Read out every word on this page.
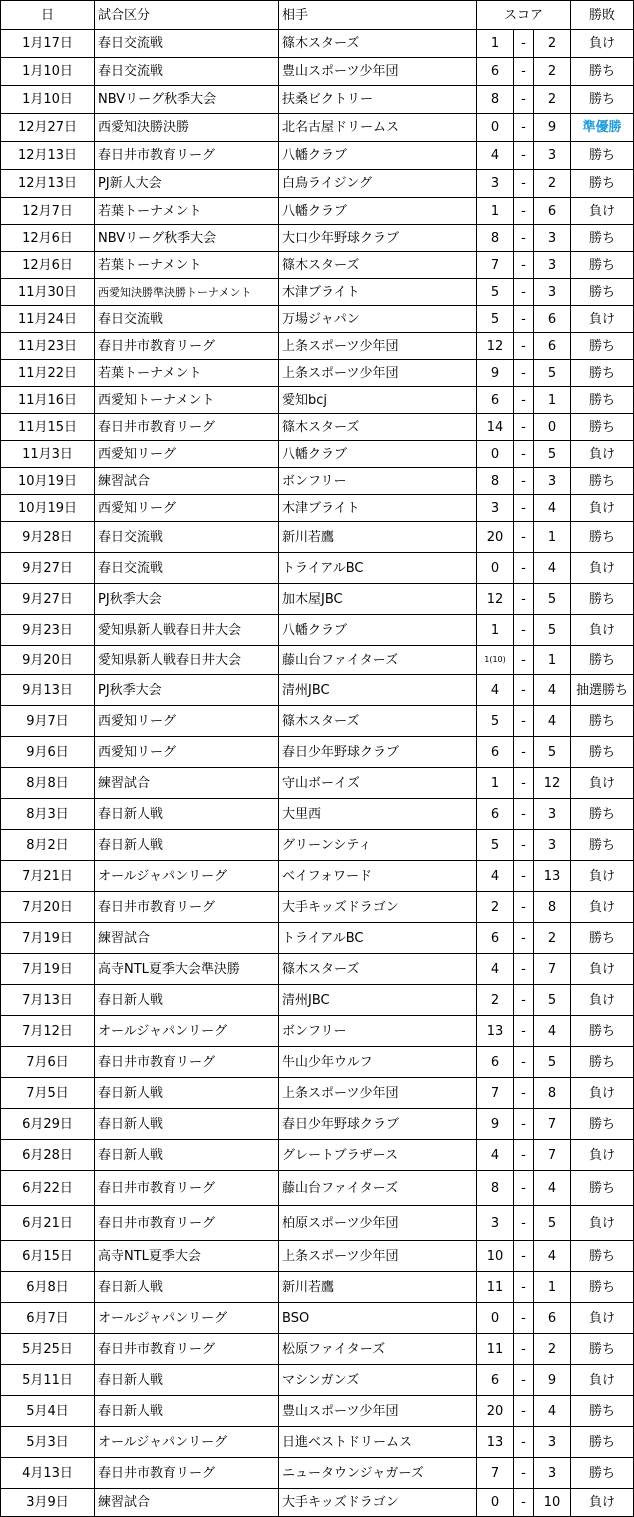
日	試合区分	相手	スコア			勝敗
1月17日	春日交流戦	篠木スターズ	1	-	2	負け
1月10日	春日交流戦	豊山スポーツ少年団	6	-	2	勝ち
1月10日	NBVリーグ秋季大会	扶桑ビクトリー	8	-	2	勝ち
12月27日	西愛知決勝決勝	北名古屋ドリームス	0	-	9	準優勝
12月13日	春日井市教育リーグ	八幡クラブ	4	-	3	勝ち
12月13日	PJ新人大会	白鳥ライジング	3	-	2	勝ち
12月7日	若葉トーナメント	八幡クラブ	1	-	6	負け
12月6日	NBVリーグ秋季大会	大口少年野球クラブ	8	-	3	勝ち
12月6日	若葉トーナメント	篠木スターズ	7	-	3	勝ち
11月30日	西愛知決勝準決勝トーナメント	木津ブライト	5	-	3	勝ち
11月24日	春日交流戦	万場ジャパン	5	-	6	負け
11月23日	春日井市教育リーグ	上条スポーツ少年団	12	-	6	勝ち
11月22日	若葉トーナメント	上条スポーツ少年団	9	-	5	勝ち
11月16日	西愛知トーナメント	愛知bcj	6	-	1	勝ち
11月15日	春日井市教育リーグ	篠木スターズ	14	-	0	勝ち
11月3日	西愛知リーグ	八幡クラブ	0	-	5	負け
10月19日	練習試合	ボンフリー	8	-	3	勝ち
10月19日	西愛知リーグ	木津ブライト	3	-	4	負け
9月28日	春日交流戦	新川若鷹	20	-	1	勝ち
9月27日	春日交流戦	トライアルBC	0	-	4	負け
9月27日	PJ秋季大会	加木屋JBC	12	-	5	勝ち
9月23日	愛知県新人戦春日井大会	八幡クラブ	1	-	5	負け
9月20日	愛知県新人戦春日井大会	藤山台ファイターズ	1(10)	-	1	勝ち
9月13日	PJ秋季大会	清州JBC	4	-	4	抽選勝ち
9月7日	西愛知リーグ	篠木スターズ	5	-	4	勝ち
9月6日	西愛知リーグ	春日少年野球クラブ	6	-	5	勝ち
8月8日	練習試合	守山ボーイズ	1	-	12	負け
8月3日	春日新人戦	大里西	6	-	3	勝ち
8月2日	春日新人戦	グリーンシティ	5	-	3	勝ち
7月21日	オールジャパンリーグ	ベイフォワード	4	-	13	負け
7月20日	春日井市教育リーグ	大手キッズドラゴン	2	-	8	負け
7月19日	練習試合	トライアルBC	6	-	2	勝ち
7月19日	高寺NTL夏季大会準決勝	篠木スターズ	4	-	7	負け
7月13日	春日新人戦	清州JBC	2	-	5	負け
7月12日	オールジャパンリーグ	ボンフリー	13	-	4	勝ち
7月6日	春日井市教育リーグ	牛山少年ウルフ	6	-	5	勝ち
7月5日	春日新人戦	上条スポーツ少年団	7	-	8	負け
6月29日	春日新人戦	春日少年野球クラブ	9	-	7	勝ち
6月28日	春日新人戦	グレートブラザース	4	-	7	負け
6月22日	春日井市教育リーグ	藤山台ファイターズ	8	-	4	勝ち
6月21日	春日井市教育リーグ	柏原スポーツ少年団	3	-	5	負け
6月15日	高寺NTL夏季大会	上条スポーツ少年団	10	-	4	勝ち
6月8日	春日新人戦	新川若鷹	11	-	1	勝ち
6月7日	オールジャパンリーグ	BSO	0	-	6	負け
5月25日	春日井市教育リーグ	松原ファイターズ	11	-	2	勝ち
5月11日	春日新人戦	マシンガンズ	6	-	9	負け
5月4日	春日新人戦	豊山スポーツ少年団	20	-	4	勝ち
5月3日	オールジャパンリーグ	日進ベストドリームス	13	-	3	勝ち
4月13日	春日井市教育リーグ	ニュータウンジャガーズ	7	-	3	勝ち
3月9日	練習試合	大手キッズドラゴン	0	-	10	負け
